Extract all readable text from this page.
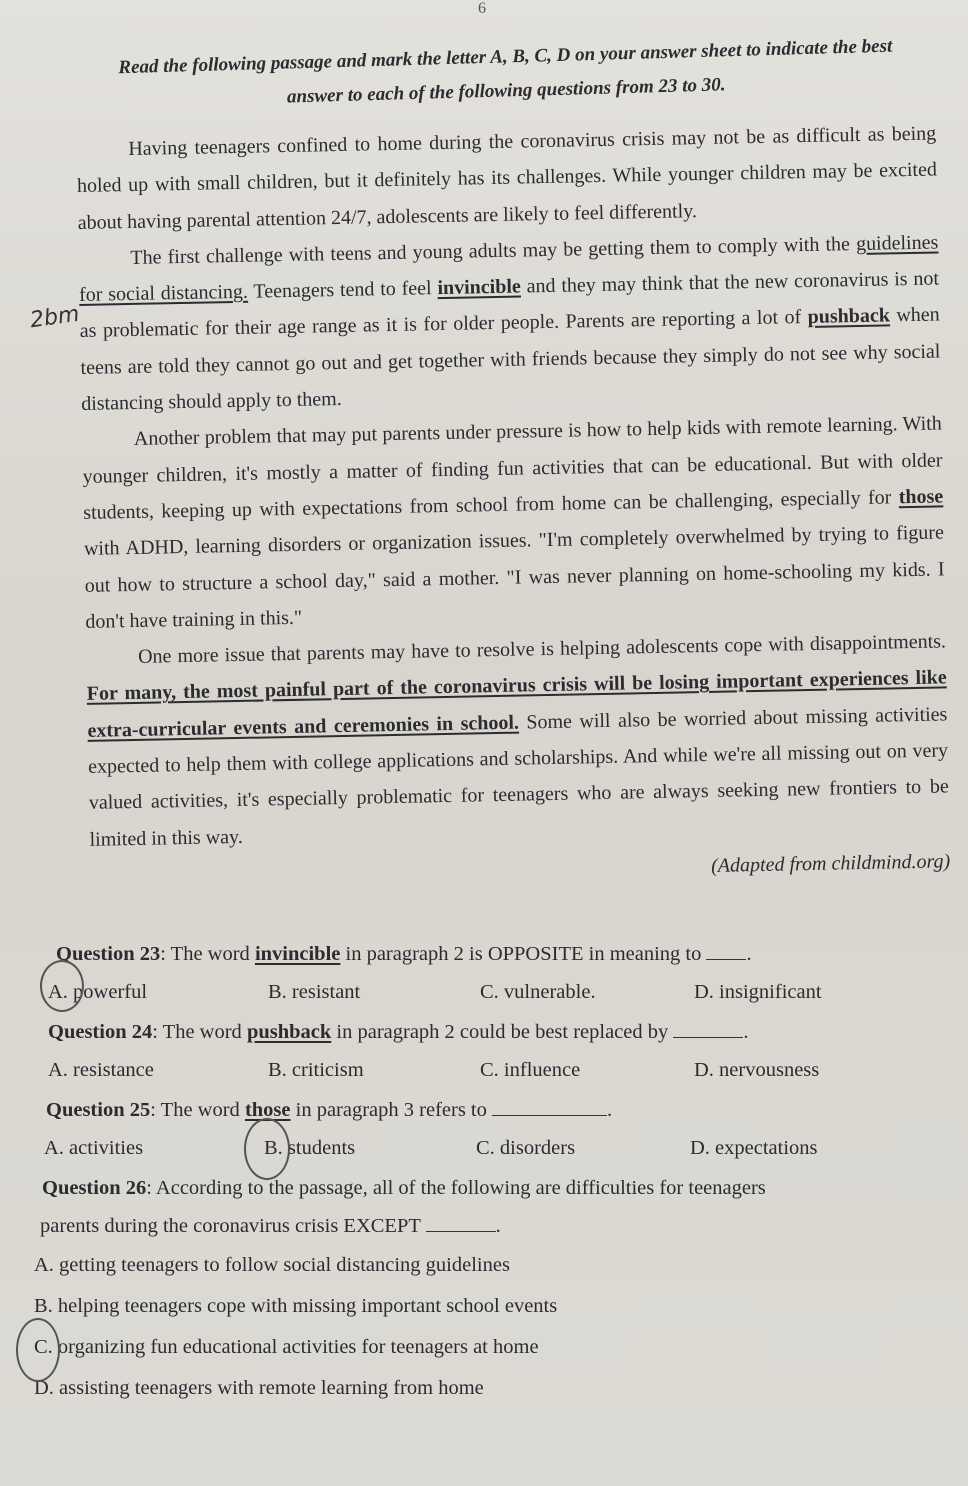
6
Read the following passage and mark the letter A, B, C, D on your answer sheet to indicate the best answer to each of the following questions from 23 to 30.
2bm

Having teenagers confined to home during the coronavirus crisis may not be as difficult as being holed up with small children, but it definitely has its challenges. While younger children may be excited about having parental attention 24/7, adolescents are likely to feel differently.

The first challenge with teens and young adults may be getting them to comply with the guidelines for social distancing. Teenagers tend to feel invincible and they may think that the new coronavirus is not as problematic for their age range as it is for older people. Parents are reporting a lot of pushback when teens are told they cannot go out and get together with friends because they simply do not see why social distancing should apply to them.

Another problem that may put parents under pressure is how to help kids with remote learning. With younger children, it's mostly a matter of finding fun activities that can be educational. But with older students, keeping up with expectations from school from home can be challenging, especially for those with ADHD, learning disorders or organization issues. "I'm completely overwhelmed by trying to figure out how to structure a school day," said a mother. "I was never planning on home-schooling my kids. I don't have training in this."

One more issue that parents may have to resolve is helping adolescents cope with disappointments. For many, the most painful part of the coronavirus crisis will be losing important experiences like extra-curricular events and ceremonies in school. Some will also be worried about missing activities expected to help them with college applications and scholarships. And while we're all missing out on very valued activities, it's especially problematic for teenagers who are always seeking new frontiers to be limited in this way.

(Adapted from childmind.org)
Question 23: The word invincible in paragraph 2 is OPPOSITE in meaning to .
A. powerful	B. resistant	C. vulnerable.	D. insignificant
Question 24: The word pushback in paragraph 2 could be best replaced by	.
A. resistance	B. criticism	C. influence	D. nervousness
Question 25: The word those in paragraph 3 refers to	.
A. activities	B. students	C. disorders	D. expectations
Question 26: According to the passage, all of the following are difficulties for teenagers
parents during the coronavirus crisis EXCEPT	.
A. getting teenagers to follow social distancing guidelines
B. helping teenagers cope with missing important school events
C. organizing fun educational activities for teenagers at home
D. assisting teenagers with remote learning from home
